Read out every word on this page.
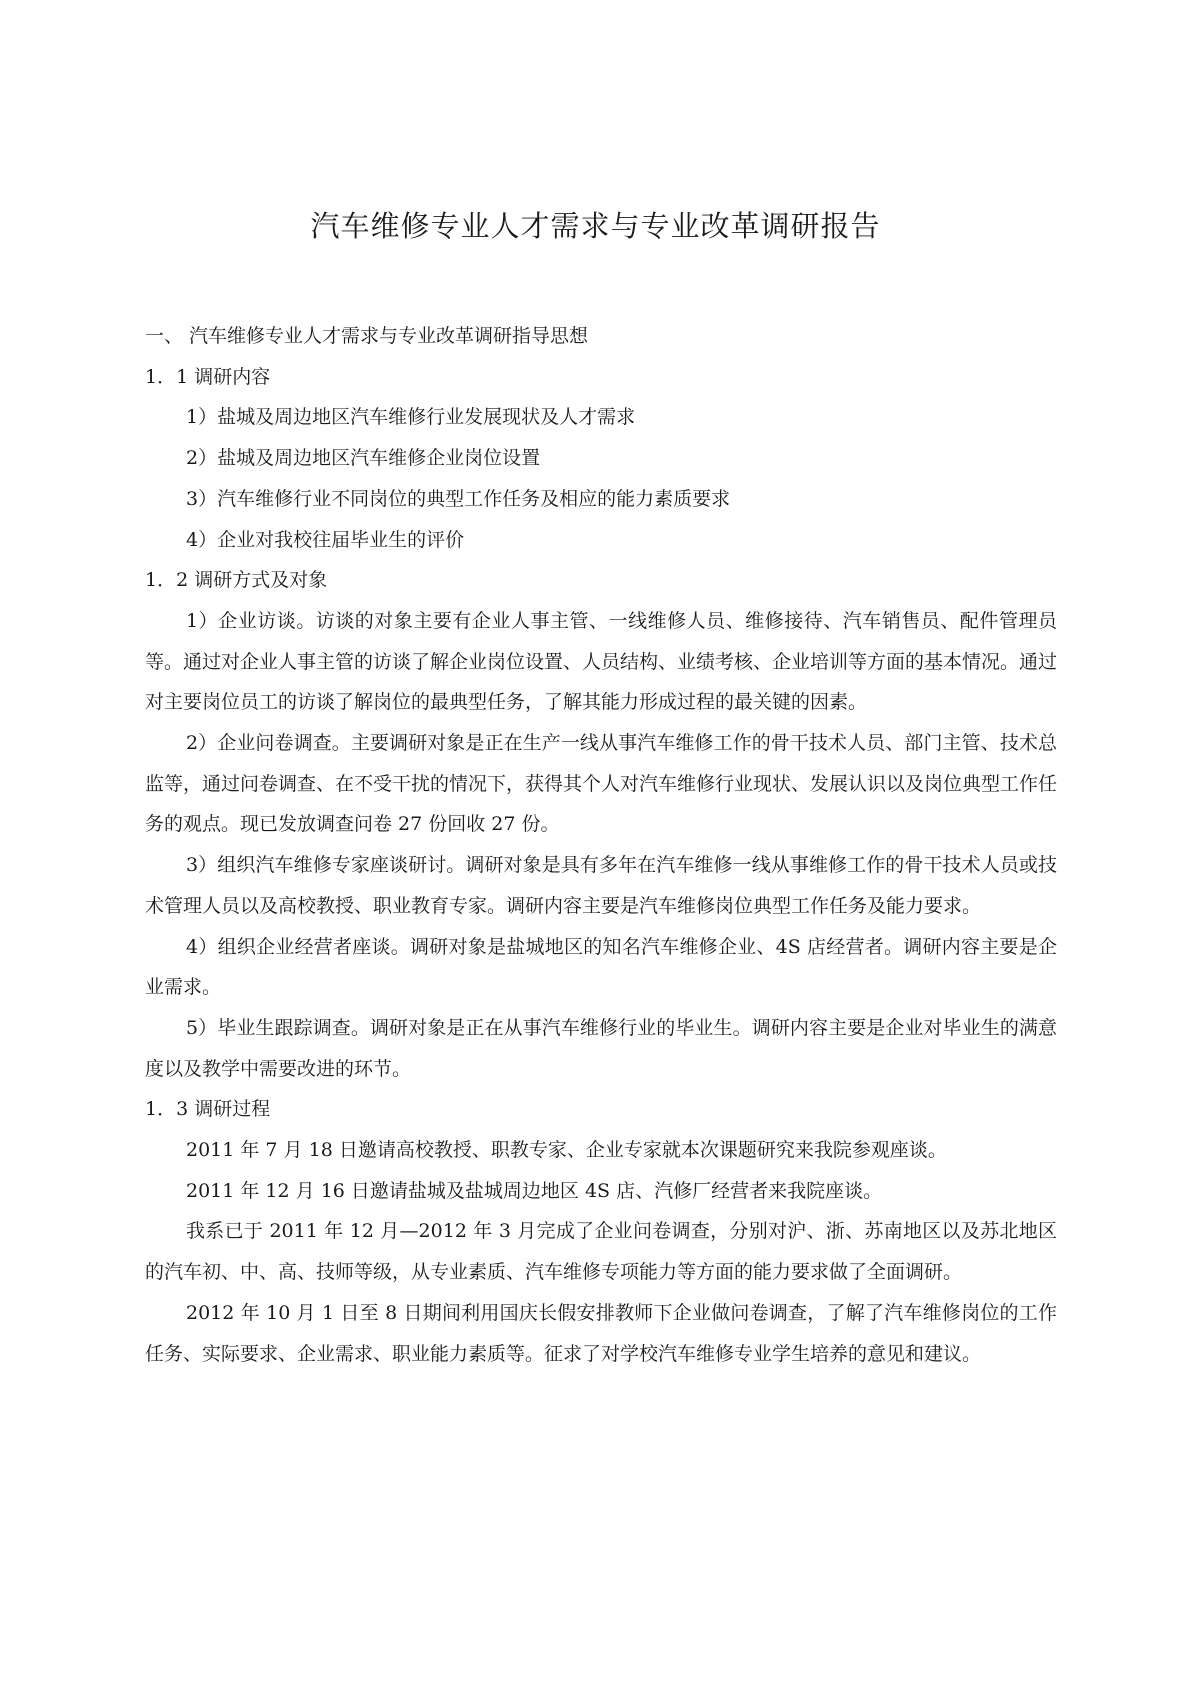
汽车维修专业人才需求与专业改革调研报告

一、 汽车维修专业人才需求与专业改革调研指导思想

1．1 调研内容

1）盐城及周边地区汽车维修行业发展现状及人才需求

2）盐城及周边地区汽车维修企业岗位设置

3）汽车维修行业不同岗位的典型工作任务及相应的能力素质要求

4）企业对我校往届毕业生的评价

1．2 调研方式及对象

1）企业访谈。访谈的对象主要有企业人事主管、一线维修人员、维修接待、汽车销售员、配件管理员等。通过对企业人事主管的访谈了解企业岗位设置、人员结构、业绩考核、企业培训等方面的基本情况。通过对主要岗位员工的访谈了解岗位的最典型任务，了解其能力形成过程的最关键的因素。

2）企业问卷调查。主要调研对象是正在生产一线从事汽车维修工作的骨干技术人员、部门主管、技术总监等，通过问卷调查、在不受干扰的情况下，获得其个人对汽车维修行业现状、发展认识以及岗位典型工作任务的观点。现已发放调查问卷 27 份回收 27 份。

3）组织汽车维修专家座谈研讨。调研对象是具有多年在汽车维修一线从事维修工作的骨干技术人员或技术管理人员以及高校教授、职业教育专家。调研内容主要是汽车维修岗位典型工作任务及能力要求。

4）组织企业经营者座谈。调研对象是盐城地区的知名汽车维修企业、4S 店经营者。调研内容主要是企业需求。

5）毕业生跟踪调查。调研对象是正在从事汽车维修行业的毕业生。调研内容主要是企业对毕业生的满意度以及教学中需要改进的环节。

1．3 调研过程

2011 年 7 月 18 日邀请高校教授、职教专家、企业专家就本次课题研究来我院参观座谈。

2011 年 12 月 16 日邀请盐城及盐城周边地区 4S 店、汽修厂经营者来我院座谈。

我系已于 2011 年 12 月—2012 年 3 月完成了企业问卷调查，分别对沪、浙、苏南地区以及苏北地区的汽车初、中、高、技师等级，从专业素质、汽车维修专项能力等方面的能力要求做了全面调研。

2012 年 10 月 1 日至 8 日期间利用国庆长假安排教师下企业做问卷调查，了解了汽车维修岗位的工作任务、实际要求、企业需求、职业能力素质等。征求了对学校汽车维修专业学生培养的意见和建议。
